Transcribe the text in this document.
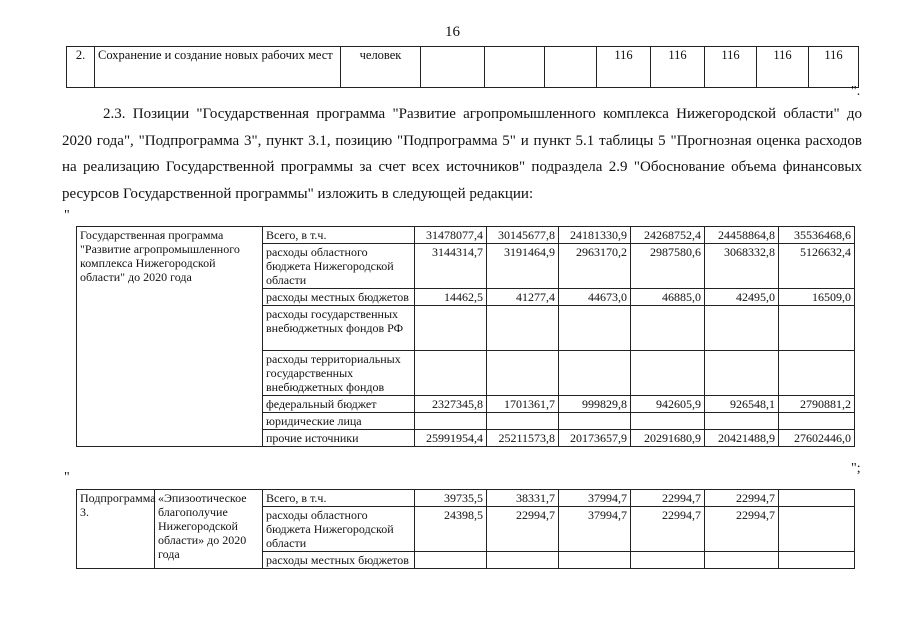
16
2.	Сохранение и создание новых рабочих мест	человек				116	116	116	116	116
".

2.3. Позиции "Государственная программа "Развитие агропромышленного комплекса Нижегородской области" до 2020 года", "Подпрограмма 3", пункт 3.1, позицию "Подпрограмма 5" и пункт 5.1 таблицы 5 "Прогнозная оценка расходов на реализацию Государственной программы за счет всех источников" подраздела 2.9 "Обоснование объема финансовых ресурсов Государственной программы" изложить в следующей редакции:

"
Государственная программа "Развитие агропромышленного комплекса Нижегородской области" до 2020 года	Всего, в т.ч.	31478077,4	30145677,8	24181330,9	24268752,4	24458864,8	35536468,6
	расходы областного бюджета Нижегородской области	3144314,7	3191464,9	2963170,2	2987580,6	3068332,8	5126632,4
	расходы местных бюджетов	14462,5	41277,4	44673,0	46885,0	42495,0	16509,0
	расходы государственных внебюджетных фондов РФ						
	расходы территориальных государственных внебюджетных фондов						
	федеральный бюджет	2327345,8	1701361,7	999829,8	942605,9	926548,1	2790881,2
	юридические лица						
	прочие источники	25991954,4	25211573,8	20173657,9	20291680,9	20421488,9	27602446,0
";
"
Подпрограмма 3.	«Эпизоотическое благополучие Нижегородской области» до 2020 года	Всего, в т.ч.	39735,5	38331,7	37994,7	22994,7	22994,7	
		расходы областного бюджета Нижегородской области	24398,5	22994,7	37994,7	22994,7	22994,7	
		расходы местных бюджетов						
